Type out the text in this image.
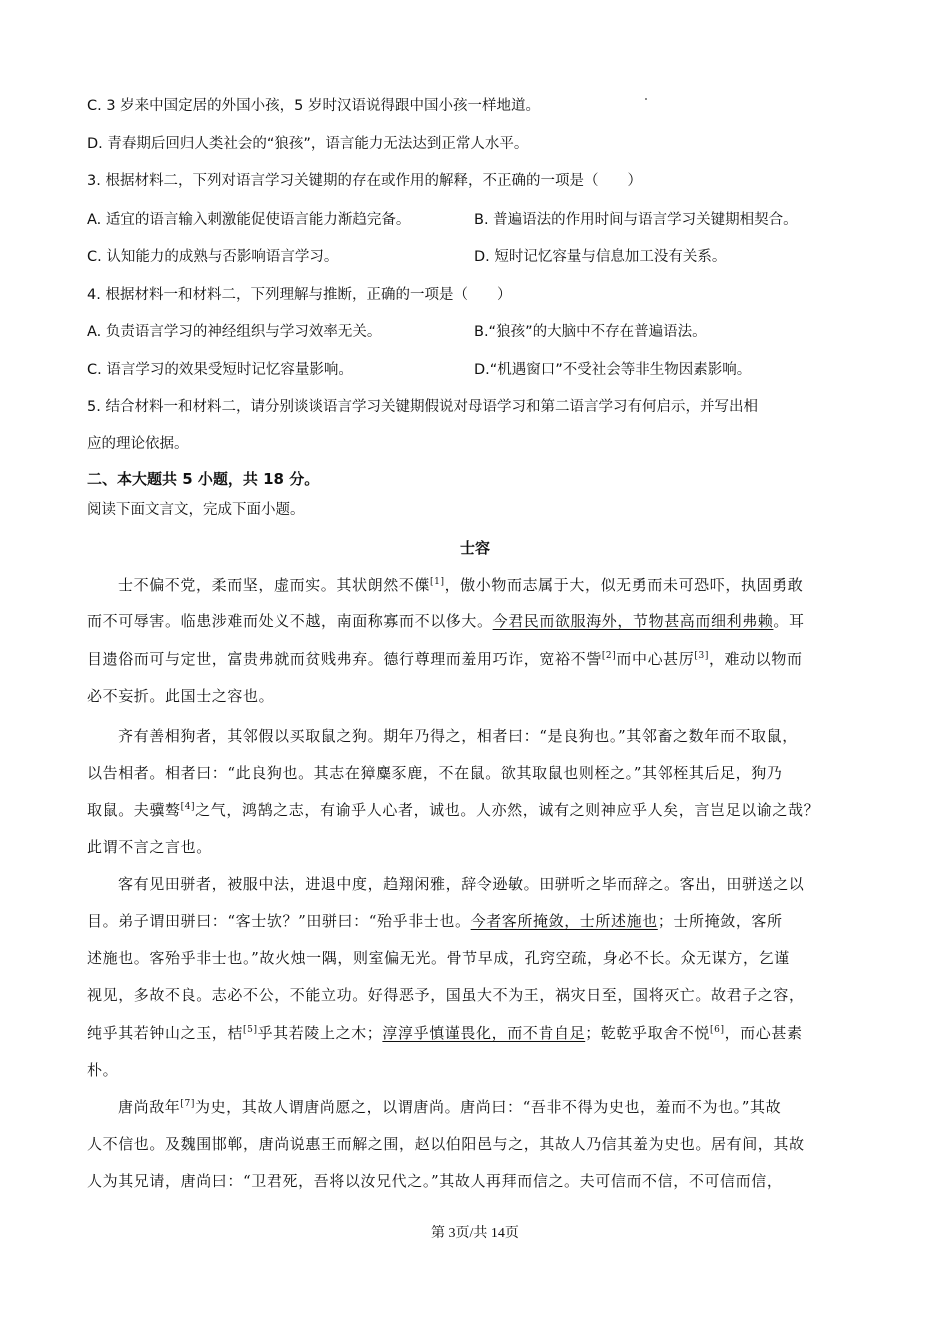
C. 3 岁来中国定居的外国小孩，5 岁时汉语说得跟中国小孩一样地道。
D. 青春期后回归人类社会的“狼孩”，语言能力无法达到正常人水平。
3. 根据材料二，下列对语言学习关键期的存在或作用的解释，不正确的一项是（　　）
A. 适宜的语言输入刺激能促使语言能力渐趋完备。	B. 普遍语法的作用时间与语言学习关键期相契合。
C. 认知能力的成熟与否影响语言学习。	D. 短时记忆容量与信息加工没有关系。
4. 根据材料一和材料二，下列理解与推断，正确的一项是（　　）
A. 负责语言学习的神经组织与学习效率无关。	B.“狼孩”的大脑中不存在普遍语法。
C. 语言学习的效果受短时记忆容量影响。	D.“机遇窗口”不受社会等非生物因素影响。
5. 结合材料一和材料二，请分别谈谈语言学习关键期假说对母语学习和第二语言学习有何启示，并写出相
应的理论依据。
二、本大题共 5 小题，共 18 分。
阅读下面文言文，完成下面小题。
士容
士不偏不党，柔而坚，虚而实。其状朗然不僷[1]，傲小物而志属于大，似无勇而未可恐吓，执固勇敢
而不可辱害。临患涉难而处义不越，南面称寡而不以侈大。今君民而欲服海外，节物甚高而细利弗赖。耳
目遗俗而可与定世，富贵弗就而贫贱弗弃。德行尊理而羞用巧诈，宽裕不訾[2]而中心甚厉[3]，难动以物而
必不妄折。此国士之容也。
齐有善相狗者，其邻假以买取鼠之狗。期年乃得之，相者曰：“是良狗也。”其邻畜之数年而不取鼠，
以告相者。相者曰：“此良狗也。其志在獐麋豕鹿，不在鼠。欲其取鼠也则桎之。”其邻桎其后足，狗乃
取鼠。夫骥骜[4]之气，鸿鹄之志，有谕乎人心者，诚也。人亦然，诚有之则神应乎人矣，言岂足以谕之哉？
此谓不言之言也。
客有见田骈者，被服中法，进退中度，趋翔闲雅，辞令逊敏。田骈听之毕而辞之。客出，田骈送之以
目。弟子谓田骈曰：“客士欤？”田骈曰：“殆乎非士也。今者客所掩敛，士所述施也；士所掩敛，客所
述施也。客殆乎非士也。”故火烛一隅，则室偏无光。骨节早成，孔窍空疏，身必不长。众无谋方，乞谨
视见，多故不良。志必不公，不能立功。好得恶予，国虽大不为王，祸灾日至，国将灭亡。故君子之容，
纯乎其若钟山之玉，桔[5]乎其若陵上之木；淳淳乎慎谨畏化，而不肯自足；乾乾乎取舍不悦[6]，而心甚素
朴。
唐尚敌年[7]为史，其故人谓唐尚愿之，以谓唐尚。唐尚曰：“吾非不得为史也，羞而不为也。”其故
人不信也。及魏围邯郸，唐尚说惠王而解之围，赵以伯阳邑与之，其故人乃信其羞为史也。居有间，其故
人为其兄请，唐尚曰：“卫君死，吾将以汝兄代之。”其故人再拜而信之。夫可信而不信，不可信而信，
第 3页/共 14页
